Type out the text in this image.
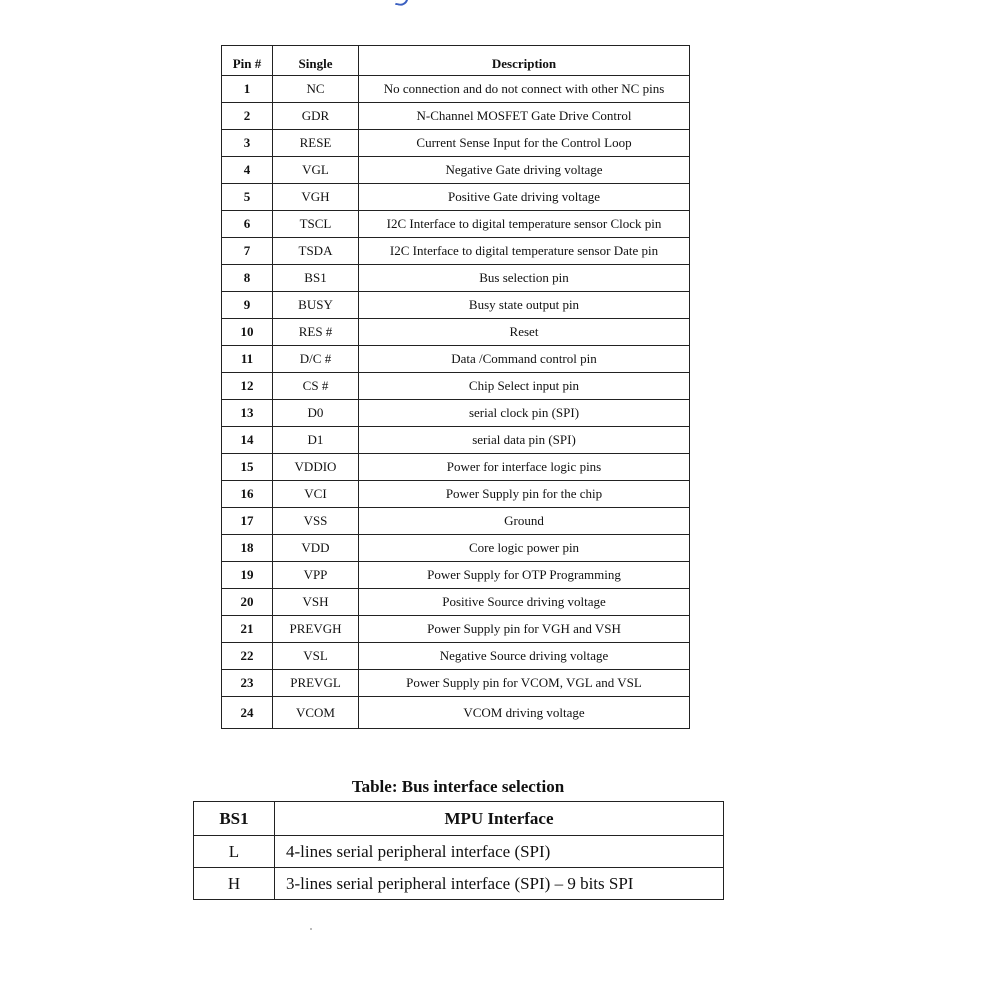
Pin #	Single	Description
1	NC	No connection and do not connect with other NC pins
2	GDR	N-Channel MOSFET Gate Drive Control
3	RESE	Current Sense Input for the Control Loop
4	VGL	Negative Gate driving voltage
5	VGH	Positive Gate driving voltage
6	TSCL	I2C Interface to digital temperature sensor Clock pin
7	TSDA	I2C Interface to digital temperature sensor Date pin
8	BS1	Bus selection pin
9	BUSY	Busy state output pin
10	RES #	Reset
11	D/C #	Data /Command control pin
12	CS #	Chip Select input pin
13	D0	serial clock pin (SPI)
14	D1	serial data pin (SPI)
15	VDDIO	Power for interface logic pins
16	VCI	Power Supply pin for the chip
17	VSS	Ground
18	VDD	Core logic power pin
19	VPP	Power Supply for OTP Programming
20	VSH	Positive Source driving voltage
21	PREVGH	Power Supply pin for VGH and VSH
22	VSL	Negative Source driving voltage
23	PREVGL	Power Supply pin for VCOM, VGL and VSL
24	VCOM	VCOM driving voltage
Table: Bus interface selection
BS1	MPU Interface
L	4-lines serial peripheral interface (SPI)
H	3-lines serial peripheral interface (SPI) – 9 bits SPI
